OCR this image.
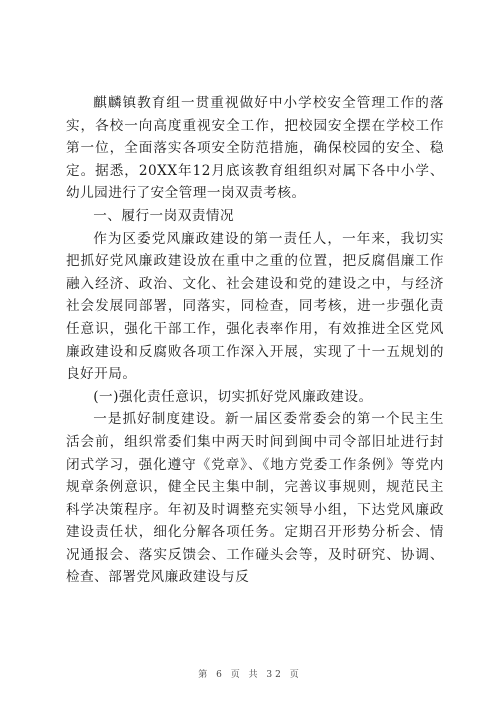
麒麟镇教育组一贯重视做好中小学校安全管理工作的落实，各校一向高度重视安全工作，把校园安全摆在学校工作第一位，全面落实各项安全防范措施，确保校园的安全、稳定。据悉，20XX年12月底该教育组组织对属下各中小学、幼儿园进行了安全管理一岗双责考核。

一、履行一岗双责情况

作为区委党风廉政建设的第一责任人，一年来，我切实把抓好党风廉政建设放在重中之重的位置，把反腐倡廉工作融入经济、政治、文化、社会建设和党的建设之中，与经济社会发展同部署，同落实，同检查，同考核，进一步强化责任意识，强化干部工作，强化表率作用，有效推进全区党风廉政建设和反腐败各项工作深入开展，实现了十一五规划的良好开局。

(一)强化责任意识，切实抓好党风廉政建设。

一是抓好制度建设。新一届区委常委会的第一个民主生活会前，组织常委们集中两天时间到闽中司令部旧址进行封闭式学习，强化遵守《党章》、《地方党委工作条例》等党内规章条例意识，健全民主集中制，完善议事规则，规范民主科学决策程序。年初及时调整充实领导小组，下达党风廉政建设责任状，细化分解各项任务。定期召开形势分析会、情况通报会、落实反馈会、工作碰头会等，及时研究、协调、检查、部署党风廉政建设与反

第 6 页 共 32 页
